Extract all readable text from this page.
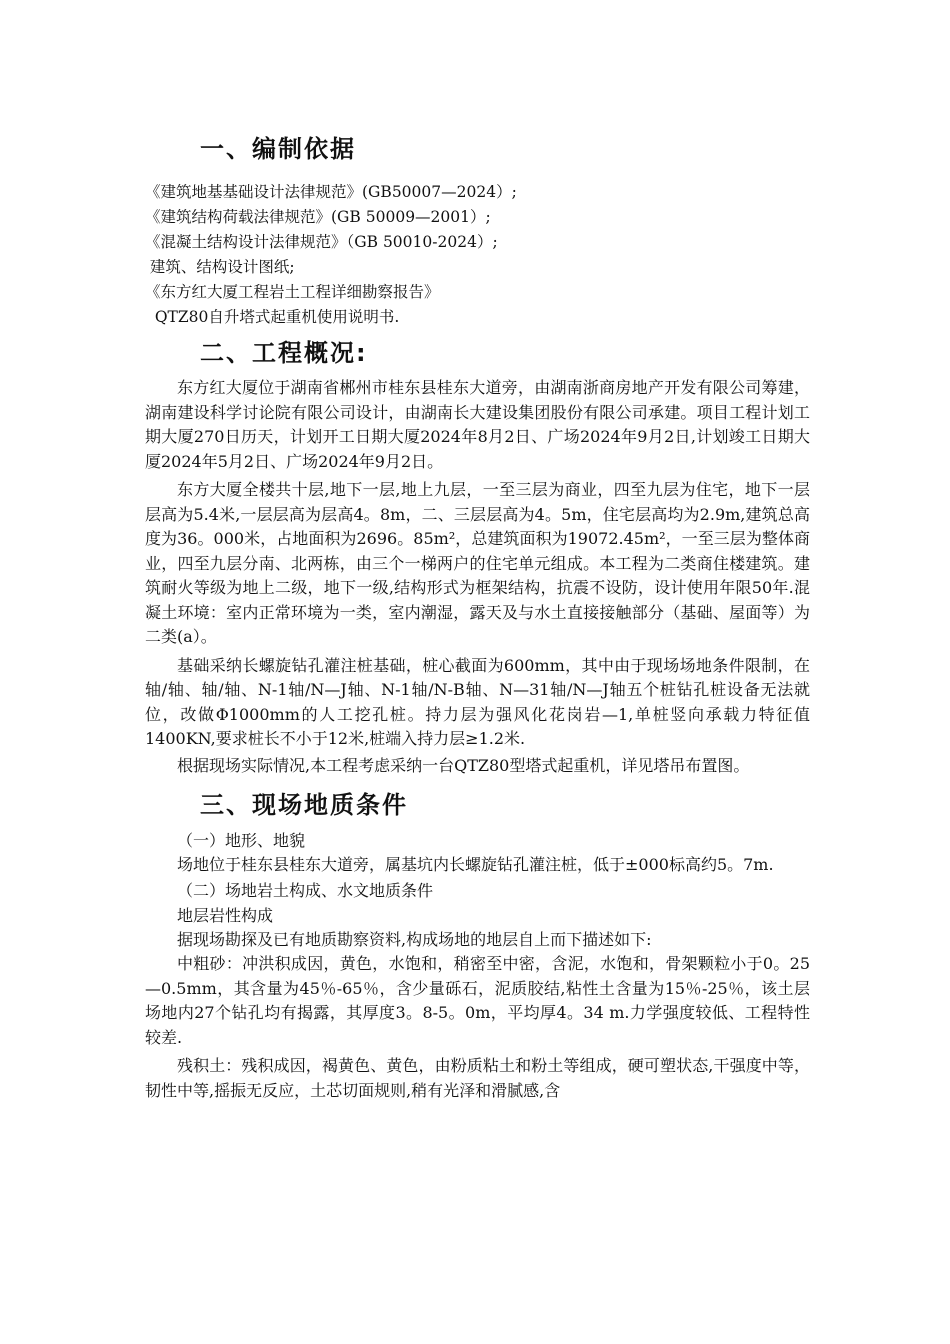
一、编制依据
《建筑地基基础设计法律规范》(GB50007—2024）;
《建筑结构荷载法律规范》(GB 50009—2001）;
《混凝土结构设计法律规范》（GB 50010-2024）;
建筑、结构设计图纸;
《东方红大厦工程岩土工程详细勘察报告》
QTZ80自升塔式起重机使用说明书.
二、工程概况:

东方红大厦位于湖南省郴州市桂东县桂东大道旁，由湖南浙商房地产开发有限公司筹建，湖南建设科学讨论院有限公司设计，由湖南长大建设集团股份有限公司承建。项目工程计划工期大厦270日历天，计划开工日期大厦2024年8月2日、广场2024年9月2日,计划竣工日期大厦2024年5月2日、广场2024年9月2日。

东方大厦全楼共十层,地下一层,地上九层，一至三层为商业，四至九层为住宅，地下一层层高为5.4米,一层层高为层高4。8m，二、三层层高为4。5m，住宅层高均为2.9m,建筑总高度为36。000米，占地面积为2696。85m²，总建筑面积为19072.45m²，一至三层为整体商业，四至九层分南、北两栋，由三个一梯两户的住宅单元组成。本工程为二类商住楼建筑。建筑耐火等级为地上二级，地下一级,结构形式为框架结构，抗震不设防，设计使用年限50年.混凝土环境：室内正常环境为一类，室内潮湿，露天及与水土直接接触部分（基础、屋面等）为二类(a）。

基础采纳长螺旋钻孔灌注桩基础，桩心截面为600mm，其中由于现场场地条件限制，在轴/轴、轴/轴、N-1轴/N—J轴、N-1轴/N-B轴、N—31轴/N—J轴五个桩钻孔桩设备无法就位，改做Φ1000mm的人工挖孔桩。持力层为强风化花岗岩—1,单桩竖向承载力特征值1400KN,要求桩长不小于12米,桩端入持力层≥1.2米.

根据现场实际情况,本工程考虑采纳一台QTZ80型塔式起重机，详见塔吊布置图。

三、现场地质条件
（一）地形、地貌

场地位于桂东县桂东大道旁，属基坑内长螺旋钻孔灌注桩，低于±000标高约5。7m.

（二）场地岩土构成、水文地质条件
地层岩性构成

据现场勘探及已有地质勘察资料,构成场地的地层自上而下描述如下:

中粗砂：冲洪积成因，黄色，水饱和，稍密至中密，含泥，水饱和，骨架颗粒小于0。25—0.5mm，其含量为45％-65％，含少量砾石，泥质胶结,粘性土含量为15％-25％，该土层场地内27个钻孔均有揭露，其厚度3。8-5。0m，平均厚4。34 m.力学强度较低、工程特性较差.

残积土：残积成因，褐黄色、黄色，由粉质粘土和粉土等组成，硬可塑状态,干强度中等，韧性中等,摇振无反应，土芯切面规则,稍有光泽和滑腻感,含
